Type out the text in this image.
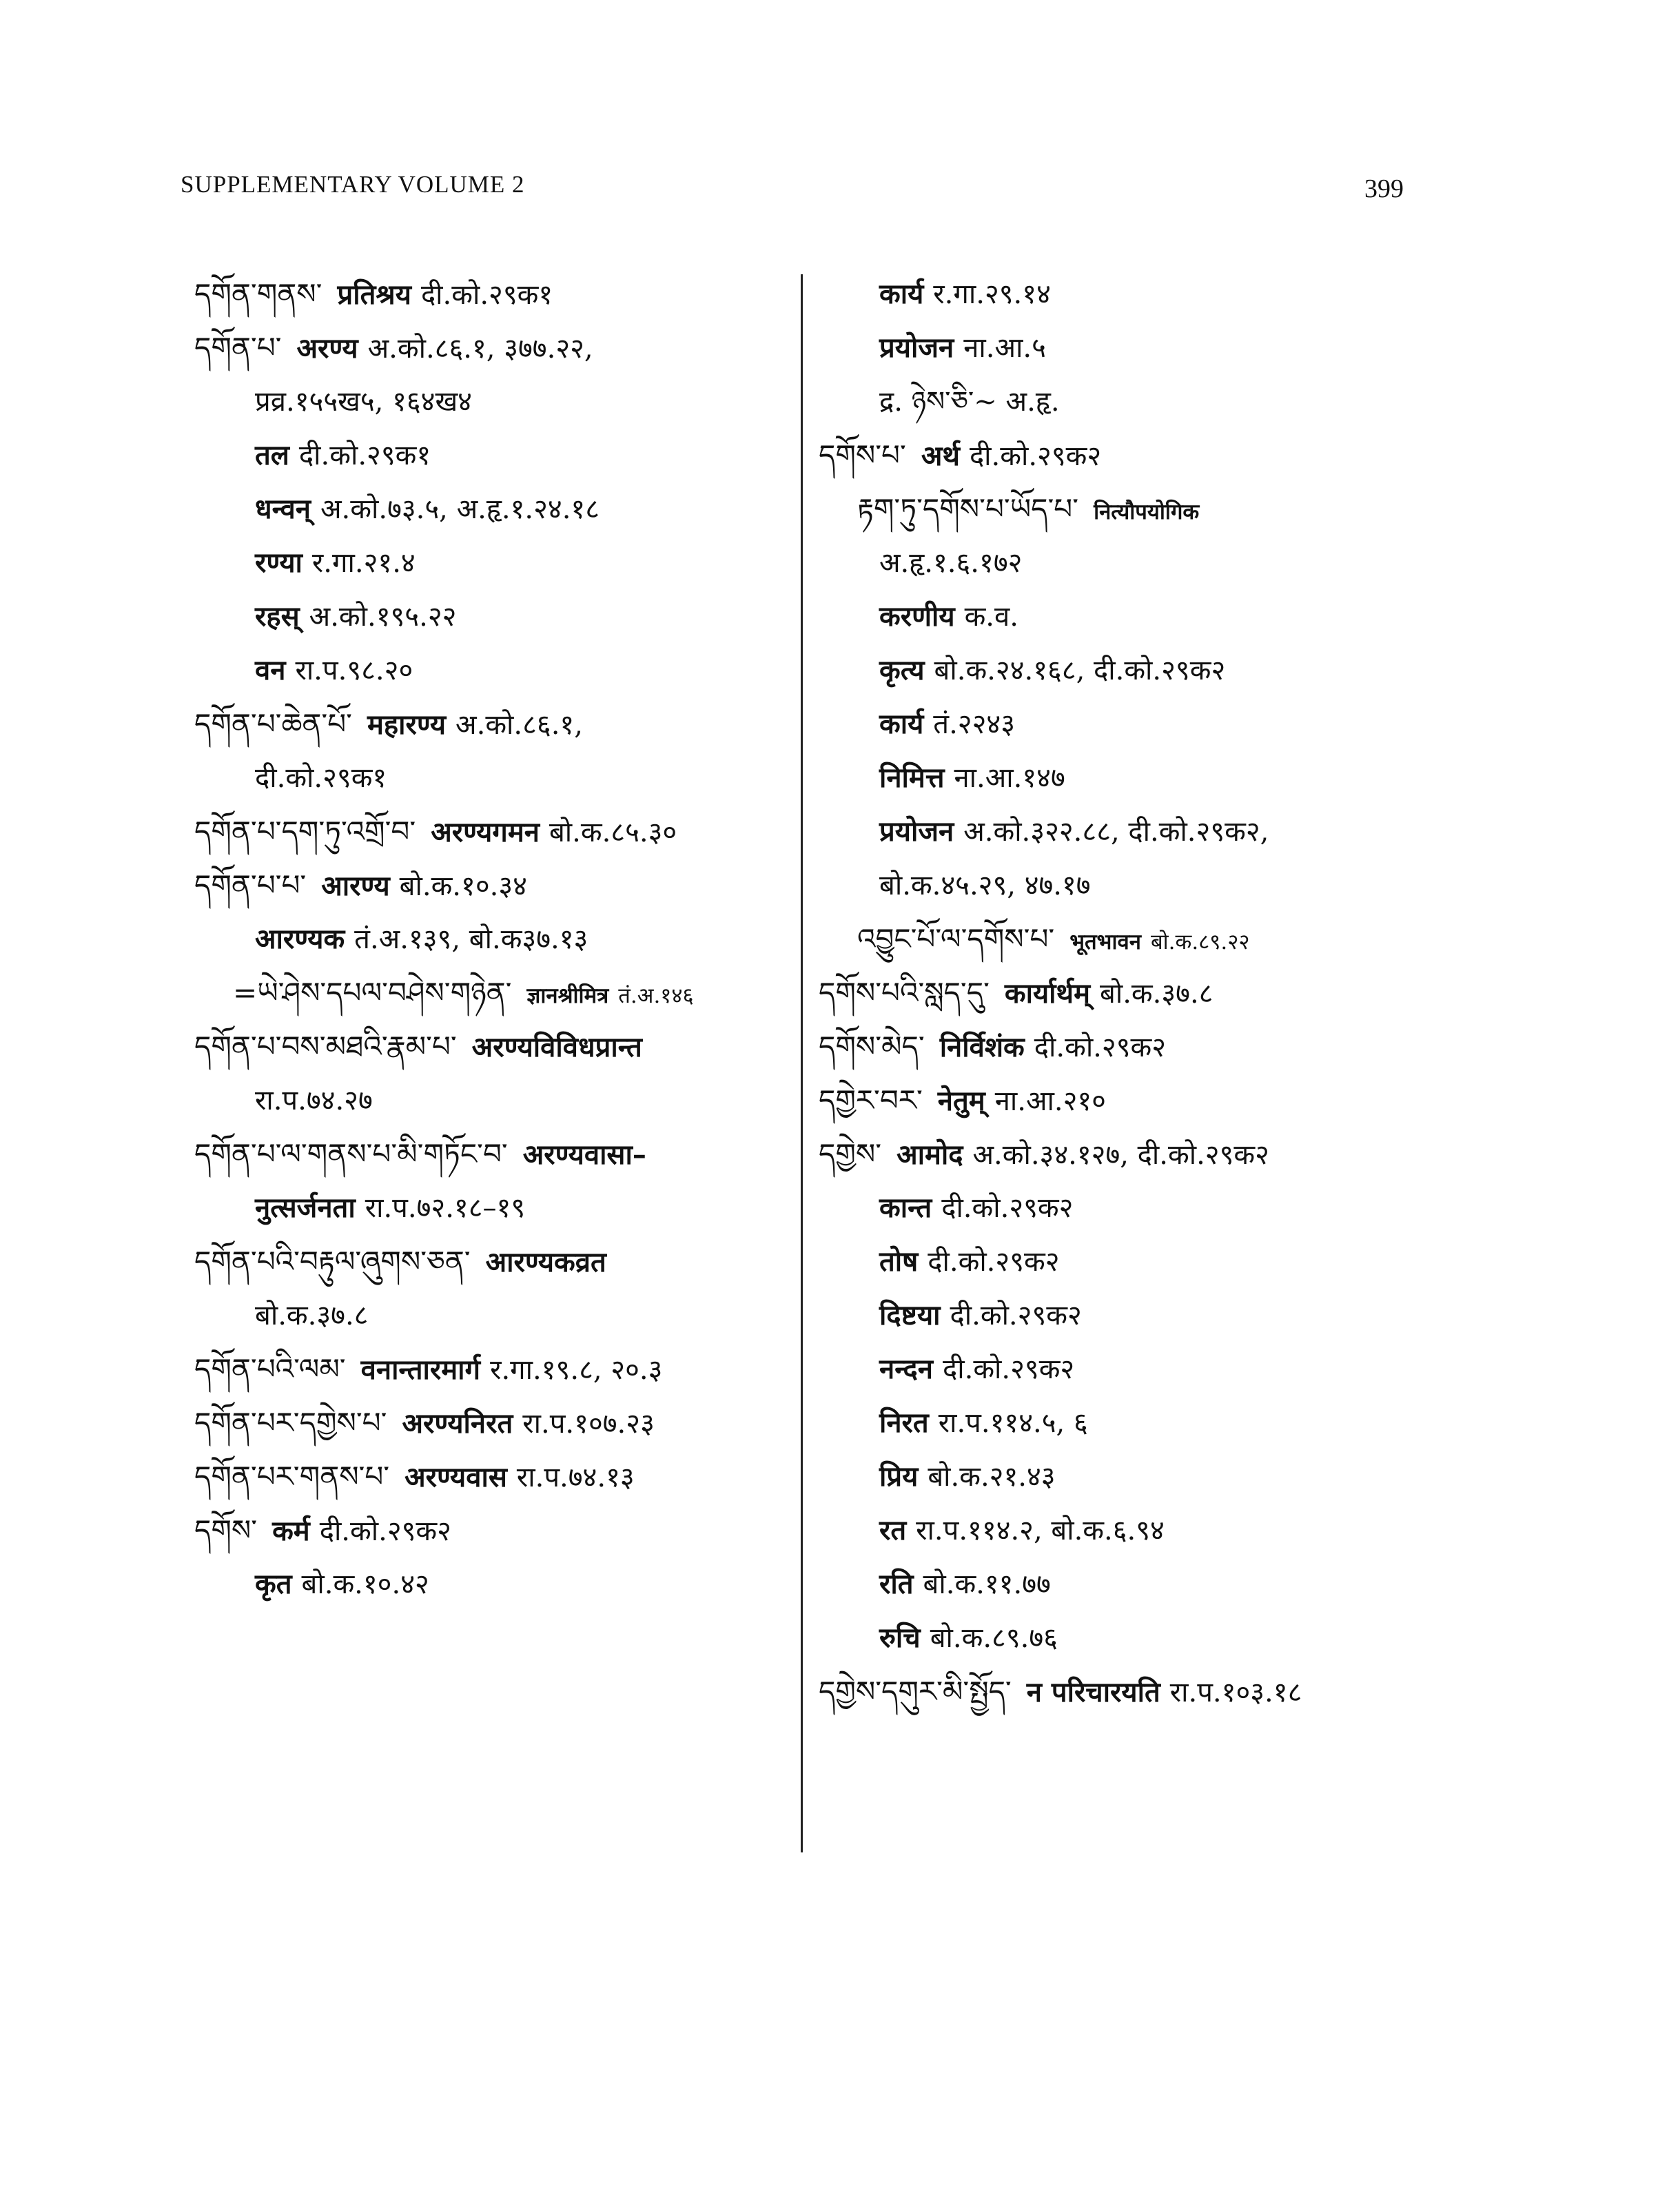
SUPPLEMENTARY VOLUME 2	399
དགོན་གནས་ प्रतिश्रय दी.को.२९क१
དགོན་པ་ अरण्य अ.को.८६.१, ३७७.२२,
प्रव्र.१५५ख५, १६४ख४
तल दी.को.२९क१
धन्वन् अ.को.७३.५, अ.हृ.१.२४.१८
रण्या र.गा.२१.४
रहस् अ.को.१९५.२२
वन रा.प.९८.२०
དགོན་པ་ཆེན་པོ་ महारण्य अ.को.८६.१,
दी.को.२९क१
དགོན་པ་དག་ཏུ་འགྲོ་བ་ अरण्यगमन बो.क.८५.३०
དགོན་པ་པ་ आरण्य बो.क.१०.३४
आरण्यक तं.अ.१३९, बो.क३७.१३
=ཡེ་ཤེས་དཔལ་བཤེས་གཉེན་ ज्ञानश्रीमित्र तं.अ.१४६
དགོན་པ་བས་མཐའི་རྣམ་པ་ अरण्यविविधप्रान्त
रा.प.७४.२७
དགོན་པ་ལ་གནས་པ་མི་གཏོང་བ་ अरण्यवासा–
नुत्सर्जनता रा.प.७२.१८–१९
དགོན་པའི་བརྟུལ་ཞུགས་ཅན་ आरण्यकव्रत
बो.क.३७.८
དགོན་པའི་ལམ་ वनान्तारमार्ग र.गा.१९.८, २०.३
དགོན་པར་དགྱེས་པ་ अरण्यनिरत रा.प.१०७.२३
དགོན་པར་གནས་པ་ अरण्यवास रा.प.७४.१३
དགོས་ कर्म दी.को.२९क२
कृत बो.क.१०.४२
कार्य र.गा.२९.१४
प्रयोजन ना.आ.५
द्र. ཉེས་ཅི་~ अ.हृ.
དགོས་པ་ अर्थ दी.को.२९क२
རྟག་ཏུ་དགོས་པ་ཡོད་པ་ नित्यौपयोगिक
अ.हृ.१.६.१७२
करणीय क.व.
कृत्य बो.क.२४.१६८, दी.को.२९क२
कार्य तं.२२४३
निमित्त ना.आ.१४७
प्रयोजन अ.को.३२२.८८, दी.को.२९क२,
बो.क.४५.२९, ४७.१७
འབྱུང་པོ་ལ་དགོས་པ་ भूतभावन बो.क.८९.२२
དགོས་པའི་སླད་དུ་ कार्यार्थम् बो.क.३७.८
དགོས་མེད་ निर्विशंक दी.को.२९क२
དགྱེར་བར་ नेतुम् ना.आ.२१०
དགྱེས་ आमोद अ.को.३४.१२७, दी.को.२९क२
कान्त दी.को.२९क२
तोष दी.को.२९क२
दिष्टया दी.को.२९क२
नन्दन दी.को.२९क२
निरत रा.प.११४.५, ६
प्रिय बो.क.२१.४३
रत रा.प.११४.२, बो.क.६.९४
रति बो.क.११.७७
रुचि बो.क.८९.७६
དགྱེས་དགུར་མི་སྤྱོད་ न परिचारयति रा.प.१०३.१८
